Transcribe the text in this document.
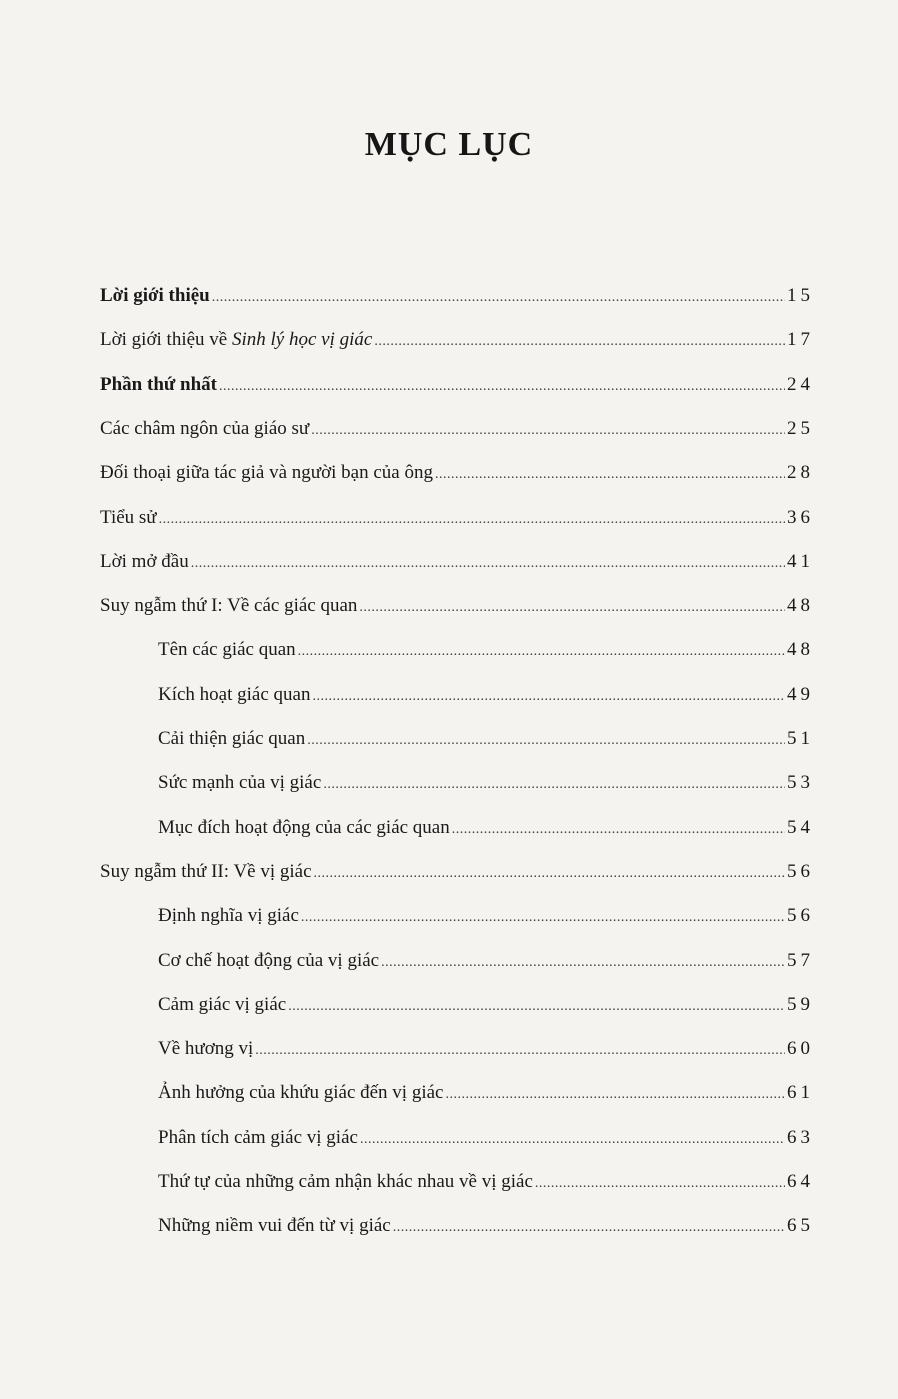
MỤC LỤC
Lời giới thiệu .....	15
Lời giới thiệu về Sinh lý học vị giác .....	17
Phần thứ nhất .....	24
Các châm ngôn của giáo sư .....	25
Đối thoại giữa tác giả và người bạn của ông .....	28
Tiểu sử .....	36
Lời mở đầu .....	41
Suy ngẫm thứ I: Về các giác quan .....	48
Tên các giác quan .....	48
Kích hoạt giác quan .....	49
Cải thiện giác quan .....	51
Sức mạnh của vị giác .....	53
Mục đích hoạt động của các giác quan .....	54
Suy ngẫm thứ II: Về vị giác .....	56
Định nghĩa vị giác .....	56
Cơ chế hoạt động của vị giác .....	57
Cảm giác vị giác .....	59
Về hương vị .....	60
Ảnh hưởng của khứu giác đến vị giác .....	61
Phân tích cảm giác vị giác .....	63
Thứ tự của những cảm nhận khác nhau về vị giác .....	64
Những niềm vui đến từ vị giác .....	65
